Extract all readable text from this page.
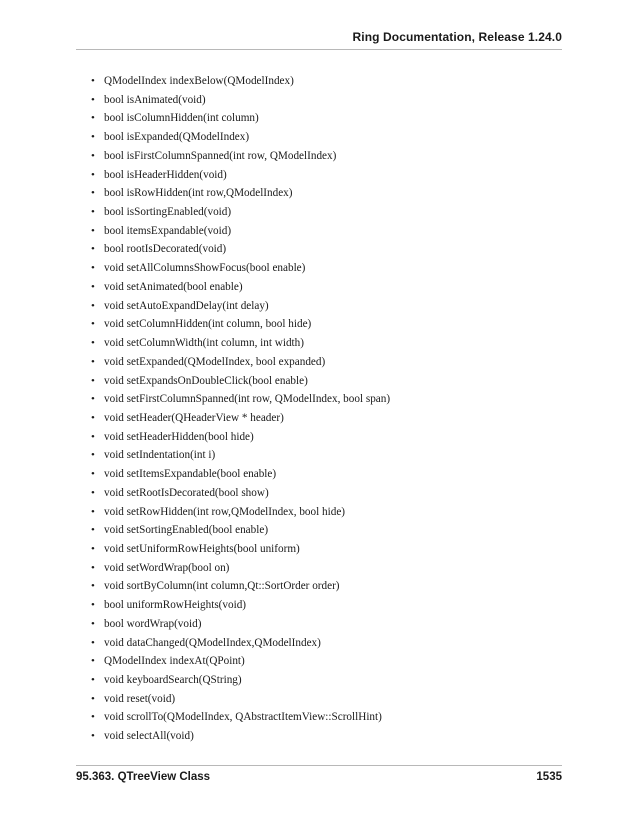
Ring Documentation, Release 1.24.0
• QModelIndex indexBelow(QModelIndex)
• bool isAnimated(void)
• bool isColumnHidden(int column)
• bool isExpanded(QModelIndex)
• bool isFirstColumnSpanned(int row, QModelIndex)
• bool isHeaderHidden(void)
• bool isRowHidden(int row,QModelIndex)
• bool isSortingEnabled(void)
• bool itemsExpandable(void)
• bool rootIsDecorated(void)
• void setAllColumnsShowFocus(bool enable)
• void setAnimated(bool enable)
• void setAutoExpandDelay(int delay)
• void setColumnHidden(int column, bool hide)
• void setColumnWidth(int column, int width)
• void setExpanded(QModelIndex, bool expanded)
• void setExpandsOnDoubleClick(bool enable)
• void setFirstColumnSpanned(int row, QModelIndex, bool span)
• void setHeader(QHeaderView * header)
• void setHeaderHidden(bool hide)
• void setIndentation(int i)
• void setItemsExpandable(bool enable)
• void setRootIsDecorated(bool show)
• void setRowHidden(int row,QModelIndex, bool hide)
• void setSortingEnabled(bool enable)
• void setUniformRowHeights(bool uniform)
• void setWordWrap(bool on)
• void sortByColumn(int column,Qt::SortOrder order)
• bool uniformRowHeights(void)
• bool wordWrap(void)
• void dataChanged(QModelIndex,QModelIndex)
• QModelIndex indexAt(QPoint)
• void keyboardSearch(QString)
• void reset(void)
• void scrollTo(QModelIndex, QAbstractItemView::ScrollHint)
• void selectAll(void)
95.363. QTreeView Class	1535
